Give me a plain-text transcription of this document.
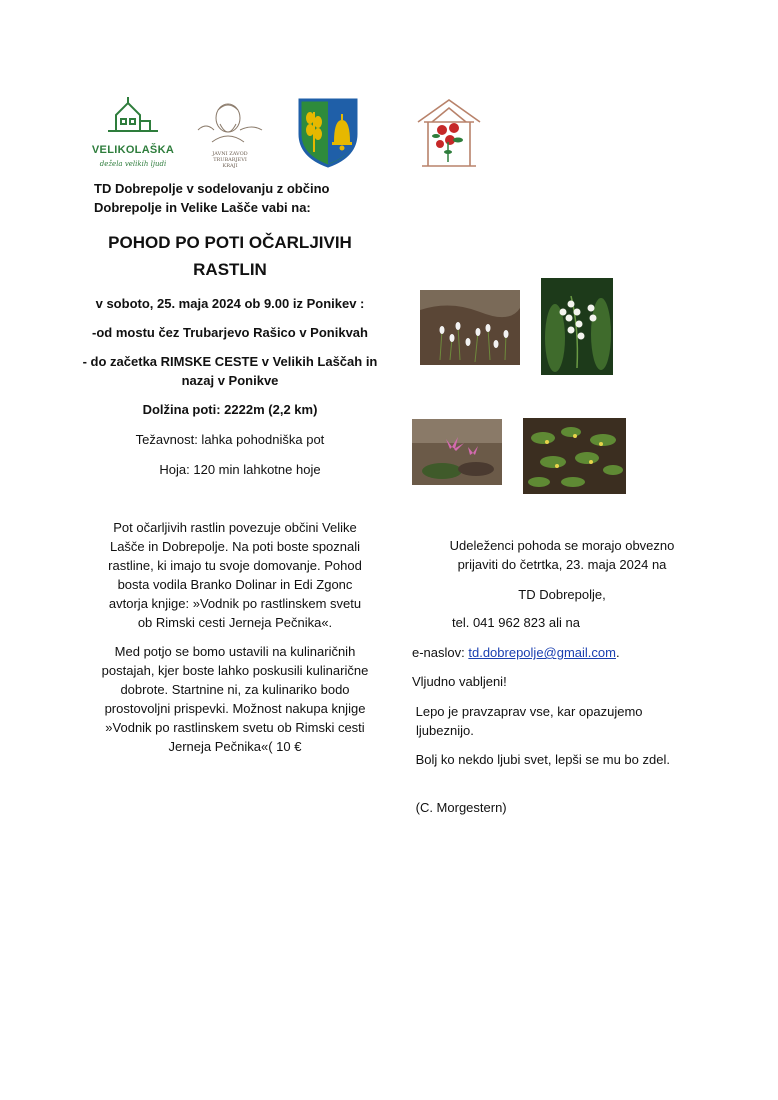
VELIKOLAŠKA
dežela velikih ljudi
JAVNI ZAVOD TRUBARJEVI KRAJI
TD Dobrepolje v sodelovanju z občino
Dobrepolje in Velike Lašče vabi na:
POHOD PO POTI OČARLJIVIH
RASTLIN
v soboto, 25. maja 2024 ob 9.00 iz Ponikev :
-od mostu čez Trubarjevo Rašico v Ponikvah
- do začetka RIMSKE CESTE v Velikih Laščah in
nazaj v Ponikve
Dolžina poti: 2222m (2,2 km)
Težavnost: lahka pohodniška pot
Hoja: 120 min lahkotne hoje
Pot očarljivih rastlin povezuje občini Velike
Lašče in Dobrepolje. Na poti boste spoznali
rastline, ki imajo tu svoje domovanje. Pohod
bosta vodila Branko Dolinar in Edi Zgonc
avtorja knjige: »Vodnik po rastlinskem svetu
ob Rimski cesti Jerneja Pečnika«.
Med potjo se bomo ustavili na kulinaričnih
postajah, kjer boste lahko poskusili kulinarične
dobrote. Startnine ni, za kulinariko bodo
prostovoljni prispevki. Možnost nakupa knjige
»Vodnik po rastlinskem svetu ob Rimski cesti
Jerneja Pečnika«( 10 €
Udeleženci pohoda se morajo obvezno
prijaviti do četrtka, 23. maja 2024 na
TD Dobrepolje,
tel. 041 962 823 ali na
e-naslov: td.dobrepolje@gmail.com.
Vljudno vabljeni!
Lepo je pravzaprav vse, kar opazujemo
ljubeznijo.
Bolj ko nekdo ljubi svet, lepši se mu bo zdel.
(C. Morgestern)
